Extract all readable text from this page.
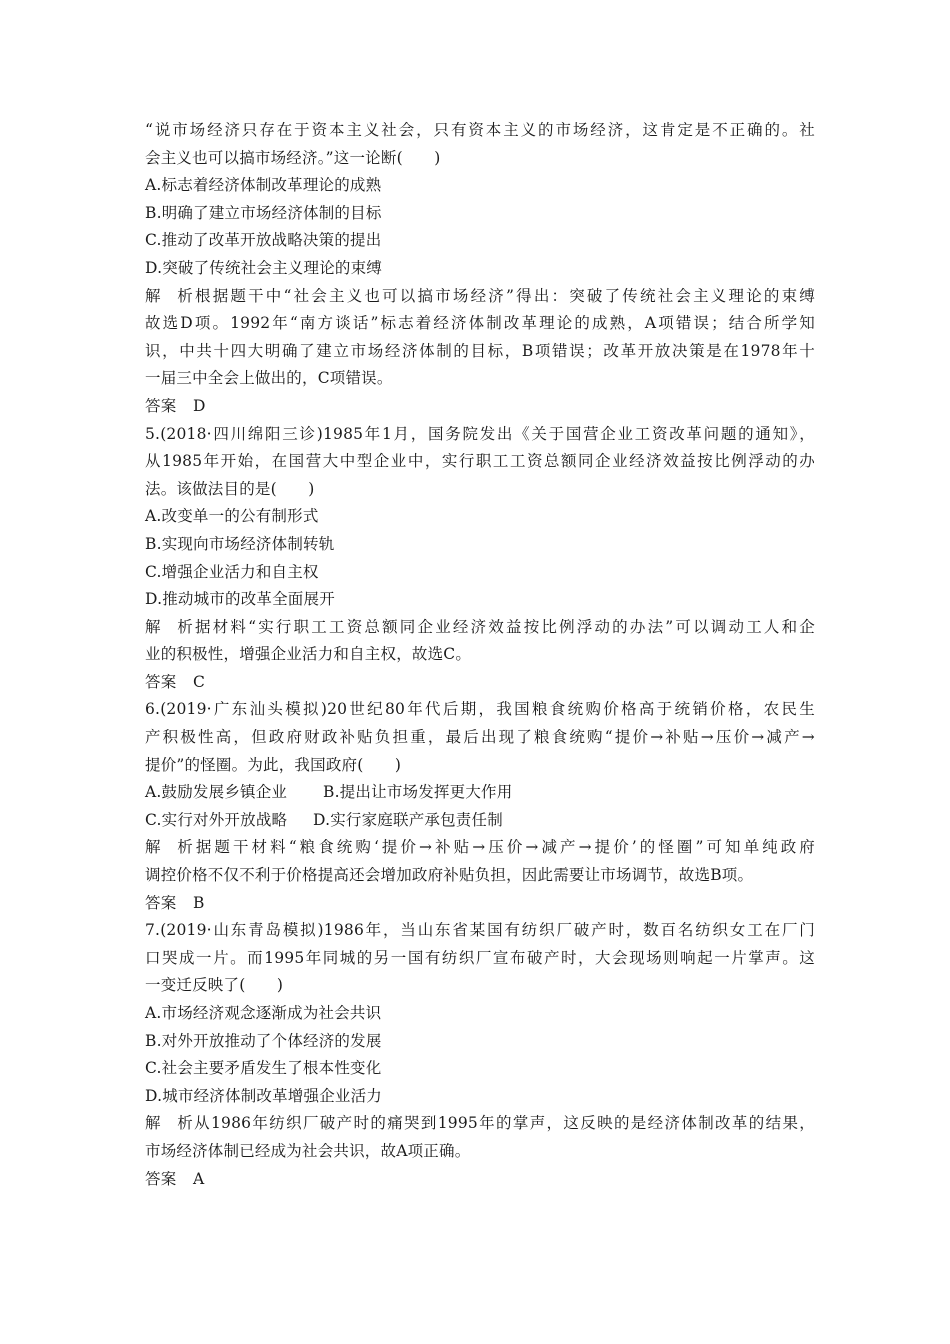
“说市场经济只存在于资本主义社会，只有资本主义的市场经济，这肯定是不正确的。社
会主义也可以搞市场经济。”这一论断(　　)
A.标志着经济体制改革理论的成熟
B.明确了建立市场经济体制的目标
C.推动了改革开放战略决策的提出
D.突破了传统社会主义理论的束缚
解析根据题干中“社会主义也可以搞市场经济”得出：突破了传统社会主义理论的束缚
故选D项。1992年“南方谈话”标志着经济体制改革理论的成熟，A项错误；结合所学知
识，中共十四大明确了建立市场经济体制的目标，B项错误；改革开放决策是在1978年十
一届三中全会上做出的，C项错误。
答案 D
5.(2018·四川绵阳三诊)1985年1月，国务院发出《关于国营企业工资改革问题的通知》，
从1985年开始，在国营大中型企业中，实行职工工资总额同企业经济效益按比例浮动的办
法。该做法目的是(　　)
A.改变单一的公有制形式
B.实现向市场经济体制转轨
C.增强企业活力和自主权
D.推动城市的改革全面展开
解析据材料“实行职工工资总额同企业经济效益按比例浮动的办法”可以调动工人和企
业的积极性，增强企业活力和自主权，故选C。
答案 C
6.(2019·广东汕头模拟)20世纪80年代后期，我国粮食统购价格高于统销价格，农民生
产积极性高，但政府财政补贴负担重，最后出现了粮食统购“提价→补贴→压价→减产→
提价”的怪圈。为此，我国政府(　　)
A.鼓励发展乡镇企业 B.提出让市场发挥更大作用
C.实行对外开放战略 D.实行家庭联产承包责任制
解析据题干材料“粮食统购‘提价→补贴→压价→减产→提价’的怪圈”可知单纯政府
调控价格不仅不利于价格提高还会增加政府补贴负担，因此需要让市场调节，故选B项。
答案 B
7.(2019·山东青岛模拟)1986年，当山东省某国有纺织厂破产时，数百名纺织女工在厂门
口哭成一片。而1995年同城的另一国有纺织厂宣布破产时，大会现场则响起一片掌声。这
一变迁反映了(　　)
A.市场经济观念逐渐成为社会共识
B.对外开放推动了个体经济的发展
C.社会主要矛盾发生了根本性变化
D.城市经济体制改革增强企业活力
解析从1986年纺织厂破产时的痛哭到1995年的掌声，这反映的是经济体制改革的结果，
市场经济体制已经成为社会共识，故A项正确。
答案 A
